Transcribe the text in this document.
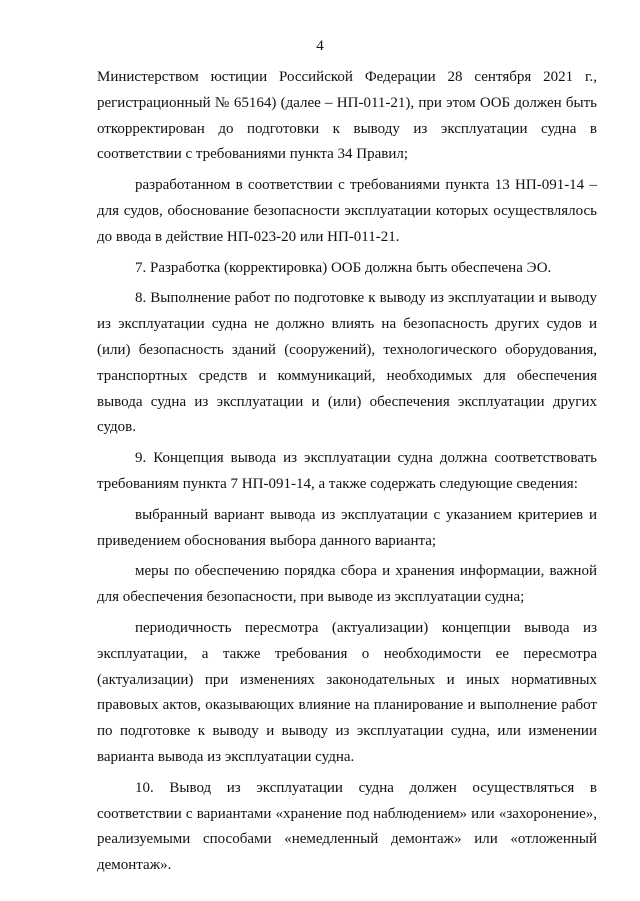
4

Министерством юстиции Российской Федерации 28 сентября 2021 г., регистрационный № 65164) (далее – НП-011-21), при этом ООБ должен быть откорректирован до подготовки к выводу из эксплуатации судна в соответствии с требованиями пункта 34 Правил;

разработанном в соответствии с требованиями пункта 13 НП-091-14 – для судов, обоснование безопасности эксплуатации которых осуществлялось до ввода в действие НП-023-20 или НП-011-21.

7. Разработка (корректировка) ООБ должна быть обеспечена ЭО.

8. Выполнение работ по подготовке к выводу из эксплуатации и выводу из эксплуатации судна не должно влиять на безопасность других судов и (или) безопасность зданий (сооружений), технологического оборудования, транспортных средств и коммуникаций, необходимых для обеспечения вывода судна из эксплуатации и (или) обеспечения эксплуатации других судов.

9. Концепция вывода из эксплуатации судна должна соответствовать требованиям пункта 7 НП-091-14, а также содержать следующие сведения:

выбранный вариант вывода из эксплуатации с указанием критериев и приведением обоснования выбора данного варианта;

меры по обеспечению порядка сбора и хранения информации, важной для обеспечения безопасности, при выводе из эксплуатации судна;

периодичность пересмотра (актуализации) концепции вывода из эксплуатации, а также требования о необходимости ее пересмотра (актуализации) при изменениях законодательных и иных нормативных правовых актов, оказывающих влияние на планирование и выполнение работ по подготовке к выводу и выводу из эксплуатации судна, или изменении варианта вывода из эксплуатации судна.

10. Вывод из эксплуатации судна должен осуществляться в соответствии с вариантами «хранение под наблюдением» или «захоронение», реализуемыми способами «немедленный демонтаж» или «отложенный демонтаж».
